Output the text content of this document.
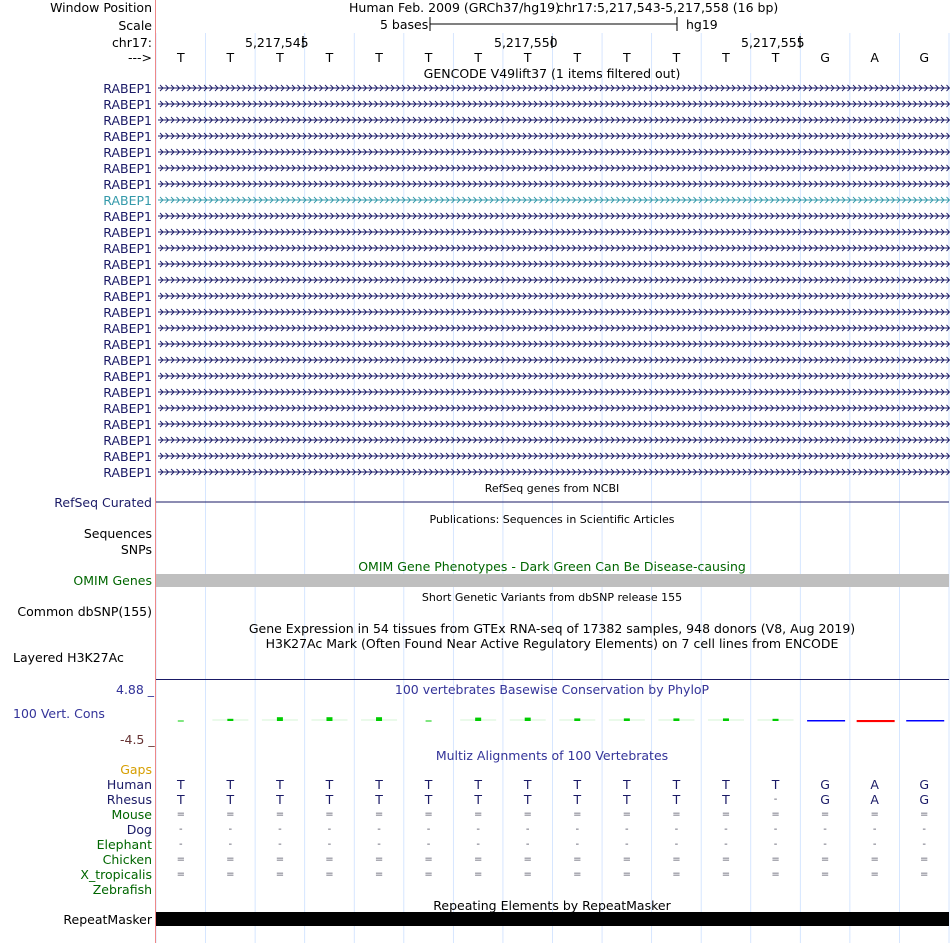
Window Position	Human Feb. 2009 (GRCh37/hg19)
chr17:5,217,543-5,217,558 (16 bp)
Scale	5 bases	hg19
chr17:	5,217,545	5,217,550	5,217,555
--->	T	T	T	T	T	T	T	T	T	T	T	T	T	G	A	G
GENCODE V49lift37 (1 items filtered out)
RABEP1
RABEP1
RABEP1
RABEP1
RABEP1
RABEP1
RABEP1
RABEP1
RABEP1
RABEP1
RABEP1
RABEP1
RABEP1
RABEP1
RABEP1
RABEP1
RABEP1
RABEP1
RABEP1
RABEP1
RABEP1
RABEP1
RABEP1
RABEP1
RABEP1
RefSeq genes from NCBI
RefSeq Curated
Publications: Sequences in Scientific Articles
Sequences
SNPs
OMIM Gene Phenotypes - Dark Green Can Be Disease-causing
OMIM Genes
Short Genetic Variants from dbSNP release 155
Common dbSNP(155)
Gene Expression in 54 tissues from GTEx RNA-seq of 17382 samples, 948 donors (V8, Aug 2019)
H3K27Ac Mark (Often Found Near Active Regulatory Elements) on 7 cell lines from ENCODE
Layered H3K27Ac
100 vertebrates Basewise Conservation by PhyloP
4.88 _
100 Vert. Cons
-4.5 _
Multiz Alignments of 100 Vertebrates
Gaps
Human	T	T	T	T	T	T	T	T	T	T	T	T	T	G	A	G
Rhesus	T	T	T	T	T	T	T	T	T	T	T	T	-	G	A	G
Mouse	=	=	=	=	=	=	=	=	=	=	=	=	=	=	=	=
Dog	-	-	-	-	-	-	-	-	-	-	-	-	-	-	-	-
Elephant	-	-	-	-	-	-	-	-	-	-	-	-	-	-	-	-
Chicken	=	=	=	=	=	=	=	=	=	=	=	=	=	=	=	=
X_tropicalis	=	=	=	=	=	=	=	=	=	=	=	=	=	=	=	=
Zebrafish
Repeating Elements by RepeatMasker
RepeatMasker
